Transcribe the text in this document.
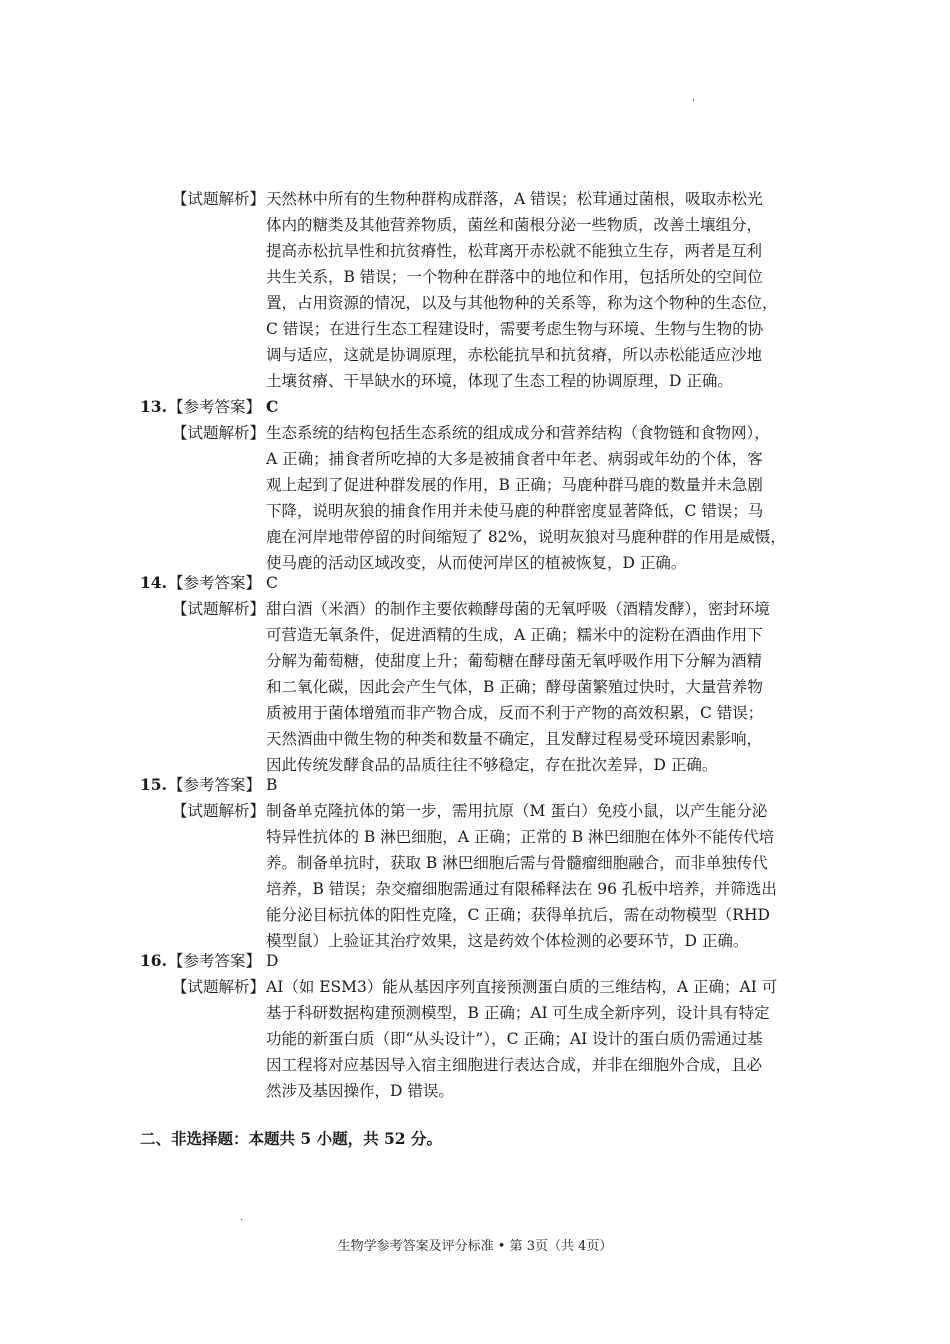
'
【试题解析】 天然林中所有的生物种群构成群落，A 错误；松茸通过菌根，吸取赤松光
体内的糖类及其他营养物质，菌丝和菌根分泌一些物质，改善土壤组分，
提高赤松抗旱性和抗贫瘠性，松茸离开赤松就不能独立生存，两者是互利
共生关系，B 错误；一个物种在群落中的地位和作用，包括所处的空间位
置，占用资源的情况，以及与其他物种的关系等，称为这个物种的生态位，
C 错误；在进行生态工程建设时，需要考虑生物与环境、生物与生物的协
调与适应，这就是协调原理，赤松能抗旱和抗贫瘠，所以赤松能适应沙地
土壤贫瘠、干旱缺水的环境，体现了生态工程的协调原理，D 正确。
13. 【参考答案】 C
【试题解析】 生态系统的结构包括生态系统的组成成分和营养结构（食物链和食物网），
A 正确；捕食者所吃掉的大多是被捕食者中年老、病弱或年幼的个体，客
观上起到了促进种群发展的作用，B 正确；马鹿种群马鹿的数量并未急剧
下降，说明灰狼的捕食作用并未使马鹿的种群密度显著降低，C 错误；马
鹿在河岸地带停留的时间缩短了 82%，说明灰狼对马鹿种群的作用是威慑，
使马鹿的活动区域改变，从而使河岸区的植被恢复，D 正确。
14. 【参考答案】 C
【试题解析】 甜白酒（米酒）的制作主要依赖酵母菌的无氧呼吸（酒精发酵），密封环境
可营造无氧条件，促进酒精的生成，A 正确；糯米中的淀粉在酒曲作用下
分解为葡萄糖，使甜度上升；葡萄糖在酵母菌无氧呼吸作用下分解为酒精
和二氧化碳，因此会产生气体，B 正确；酵母菌繁殖过快时，大量营养物
质被用于菌体增殖而非产物合成，反而不利于产物的高效积累，C 错误；
天然酒曲中微生物的种类和数量不确定，且发酵过程易受环境因素影响，
因此传统发酵食品的品质往往不够稳定，存在批次差异，D 正确。
15. 【参考答案】 B
【试题解析】 制备单克隆抗体的第一步，需用抗原（M 蛋白）免疫小鼠，以产生能分泌
特异性抗体的 B 淋巴细胞，A 正确；正常的 B 淋巴细胞在体外不能传代培
养。制备单抗时，获取 B 淋巴细胞后需与骨髓瘤细胞融合，而非单独传代
培养，B 错误；杂交瘤细胞需通过有限稀释法在 96 孔板中培养，并筛选出
能分泌目标抗体的阳性克隆，C 正确；获得单抗后，需在动物模型（RHD
模型鼠）上验证其治疗效果，这是药效个体检测的必要环节，D 正确。
16. 【参考答案】 D
【试题解析】 AI（如 ESM3）能从基因序列直接预测蛋白质的三维结构，A 正确；AI 可
基于科研数据构建预测模型，B 正确；AI 可生成全新序列，设计具有特定
功能的新蛋白质（即“从头设计”），C 正确；AI 设计的蛋白质仍需通过基
因工程将对应基因导入宿主细胞进行表达合成，并非在细胞外合成，且必
然涉及基因操作，D 错误。
二、非选择题：本题共 5 小题，共 52 分。
.
生物学参考答案及评分标准 • 第 3页（共 4页）
